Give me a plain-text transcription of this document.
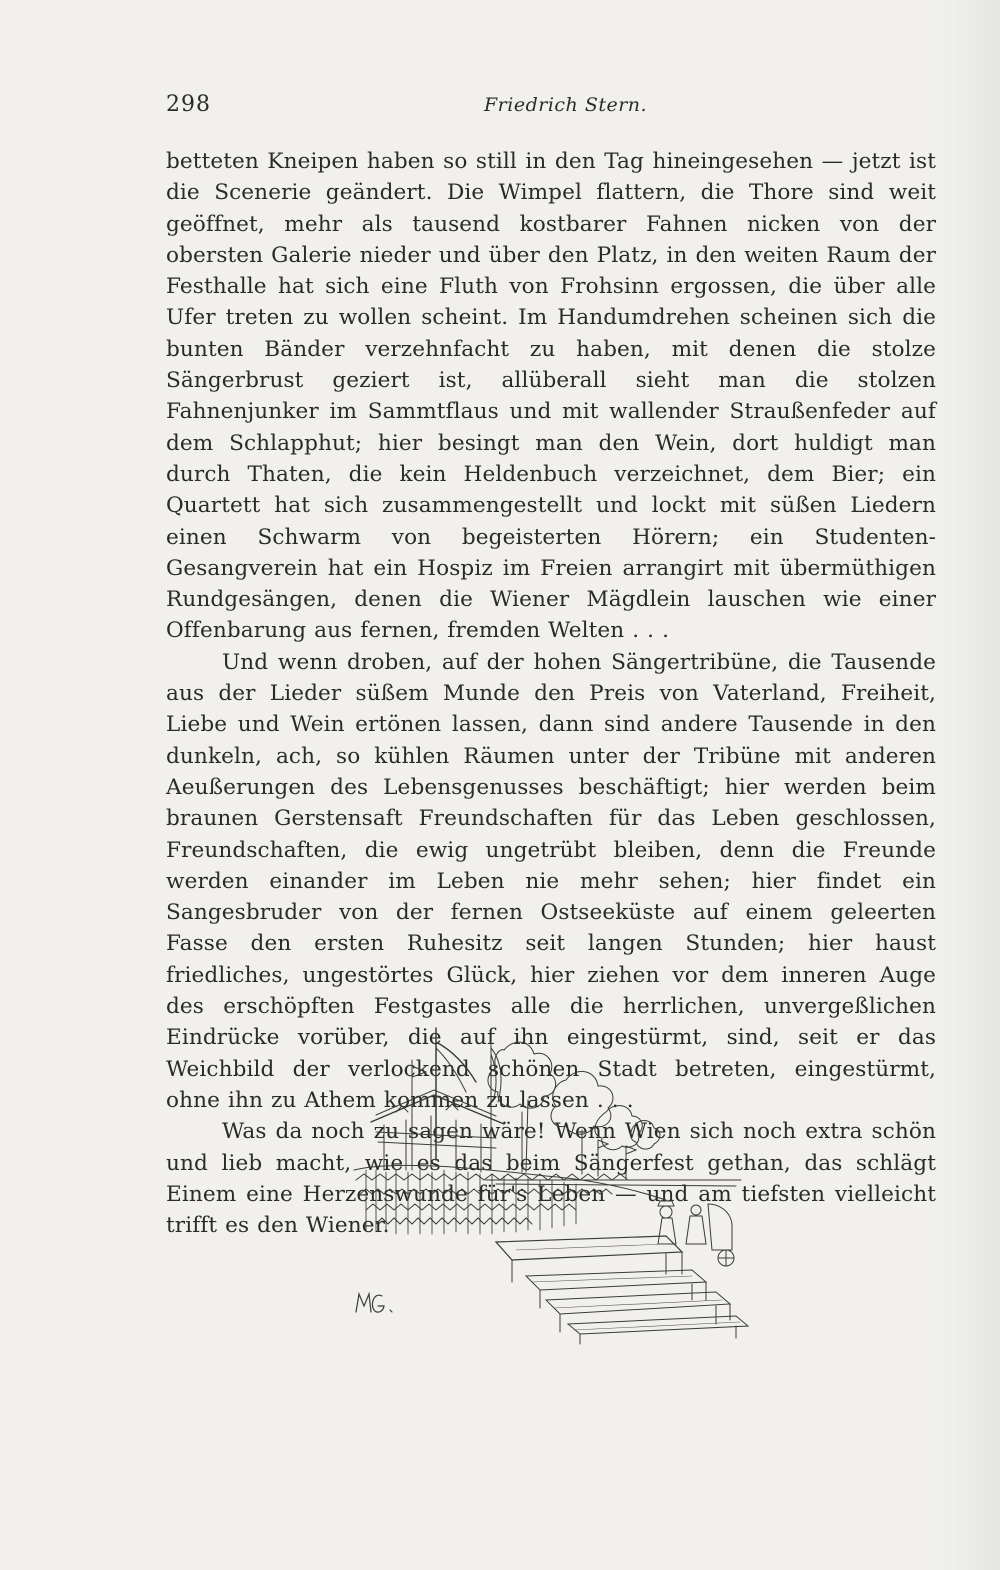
298	Friedrich Stern.

betteten Kneipen haben so still in den Tag hineingesehen — jetzt ist die Scenerie geändert. Die Wimpel flattern, die Thore sind weit geöffnet, mehr als tausend kostbarer Fahnen nicken von der obersten Galerie nieder und über den Platz, in den weiten Raum der Festhalle hat sich eine Fluth von Frohsinn ergossen, die über alle Ufer treten zu wollen scheint. Im Handumdrehen scheinen sich die bunten Bänder verzehnfacht zu haben, mit denen die stolze Sängerbrust geziert ist, allüberall sieht man die stolzen Fahnenjunker im Sammtflaus und mit wallender Straußenfeder auf dem Schlapphut; hier besingt man den Wein, dort huldigt man durch Thaten, die kein Heldenbuch verzeichnet, dem Bier; ein Quartett hat sich zusammengestellt und lockt mit süßen Liedern einen Schwarm von begeisterten Hörern; ein Studenten-Gesangverein hat ein Hospiz im Freien arrangirt mit übermüthigen Rundgesängen, denen die Wiener Mägdlein lauschen wie einer Offenbarung aus fernen, fremden Welten . . .

Und wenn droben, auf der hohen Sängertribüne, die Tausende aus der Lieder süßem Munde den Preis von Vaterland, Freiheit, Liebe und Wein ertönen lassen, dann sind andere Tausende in den dunkeln, ach, so kühlen Räumen unter der Tribüne mit anderen Aeußerungen des Lebensgenusses beschäftigt; hier werden beim braunen Gerstensaft Freundschaften für das Leben geschlossen, Freundschaften, die ewig ungetrübt bleiben, denn die Freunde werden einander im Leben nie mehr sehen; hier findet ein Sangesbruder von der fernen Ostseeküste auf einem geleerten Fasse den ersten Ruhesitz seit langen Stunden; hier haust friedliches, ungestörtes Glück, hier ziehen vor dem inneren Auge des erschöpften Festgastes alle die herrlichen, unvergeßlichen Eindrücke vorüber, die auf ihn eingestürmt, sind, seit er das Weichbild der verlockend schönen Stadt betreten, eingestürmt, ohne ihn zu Athem kommen zu lassen . . .

Was da noch zu sagen wäre! Wenn Wien sich noch extra schön und lieb macht, wie es das beim Sängerfest gethan, das schlägt Einem eine Herzenswunde für's Leben — und am tiefsten vielleicht trifft es den Wiener.
